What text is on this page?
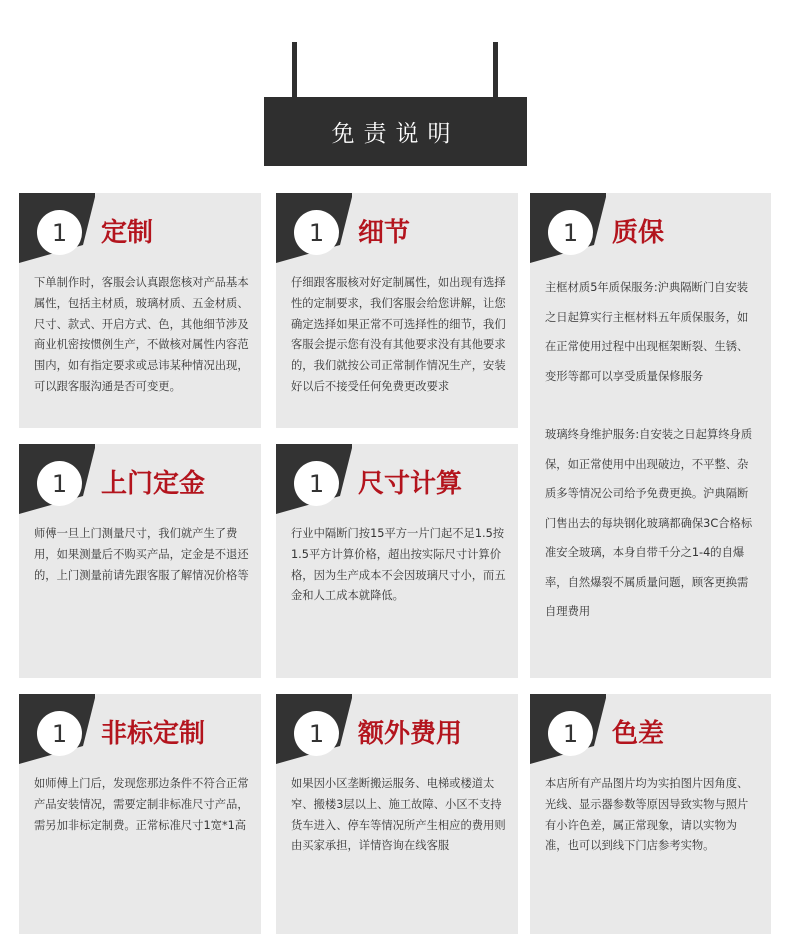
免责说明
1	定制
下单制作时，客服会认真跟您核对产品基本属性，包括主材质，玻璃材质、五金材质、尺寸、款式、开启方式、色，其他细节涉及商业机密按惯例生产，不做核对属性内容范围内，如有指定要求或忌讳某种情况出现，可以跟客服沟通是否可变更。
1	细节
仔细跟客服核对好定制属性，如出现有选择性的定制要求，我们客服会给您讲解，让您确定选择如果正常不可选择性的细节，我们客服会提示您有没有其他要求没有其他要求的，我们就按公司正常制作情况生产，安装好以后不接受任何免费更改要求
1	质保
主框材质5年质保服务:沪典隔断门自安装之日起算实行主框材料五年质保服务，如在正常使用过程中出现框架断裂、生锈、变形等都可以享受质量保修服务
玻璃终身维护服务:自安装之日起算终身质保，如正常使用中出现破边，不平整、杂质多等情况公司给予免费更换。沪典隔断门售出去的每块钢化玻璃都确保3C合格标准安全玻璃，本身自带千分之1-4的自爆率，自然爆裂不属质量问题，顾客更换需自理费用
1	上门定金
师傅一旦上门测量尺寸，我们就产生了费用，如果测量后不购买产品，定金是不退还的，上门测量前请先跟客服了解情况价格等
1	尺寸计算
行业中隔断门按15平方一片门起不足1.5按1.5平方计算价格，超出按实际尺寸计算价格，因为生产成本不会因玻璃尺寸小，而五金和人工成本就降低。
1	非标定制
如师傅上门后，发现您那边条件不符合正常产品安装情况，需要定制非标准尺寸产品，需另加非标定制费。正常标准尺寸1宽*1高
1	额外费用
如果因小区垄断搬运服务、电梯或楼道太窄、搬楼3层以上、施工故障、小区不支持货车进入、停车等情况所产生相应的费用则由买家承担，详情咨询在线客服
1	色差
本店所有产品图片均为实拍图片因角度、光线、显示器参数等原因导致实物与照片有小许色差，属正常现象，请以实物为准，也可以到线下门店参考实物。
